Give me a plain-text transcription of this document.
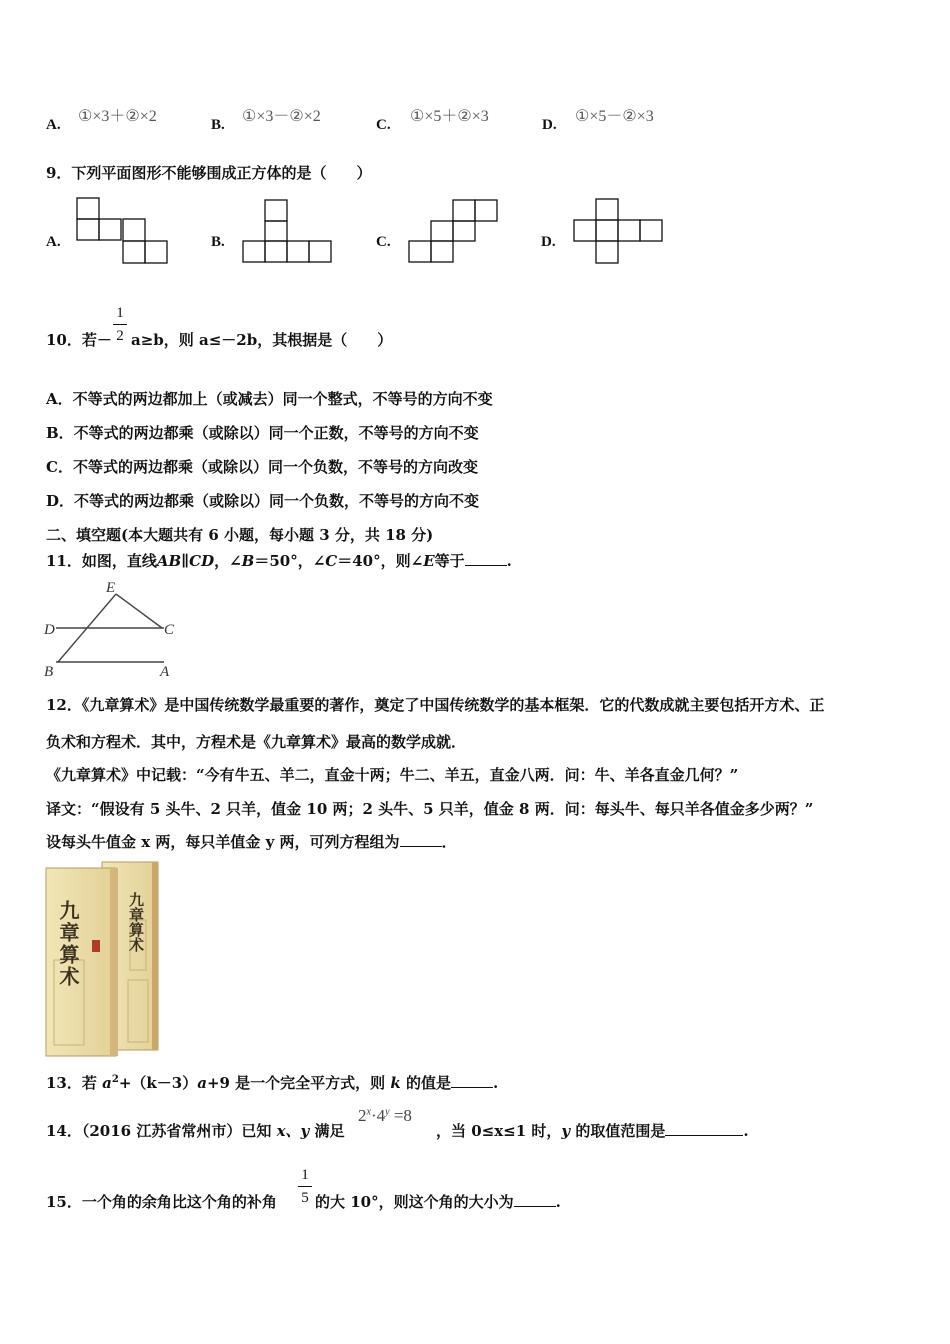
A. ①×3＋②×2	B. ①×3－②×2	C. ①×5＋②×3	D. ①×5－②×3
9．下列平面图形不能够围成正方体的是（　　）
A.	B.	C.	D.
10．若－
1
2 a≥b，则 a≤－2b，其根据是（　　）
A．不等式的两边都加上（或减去）同一个整式，不等号的方向不变
B．不等式的两边都乘（或除以）同一个正数，不等号的方向不变
C．不等式的两边都乘（或除以）同一个负数，不等号的方向改变
D．不等式的两边都乘（或除以）同一个负数，不等号的方向不变
二、填空题(本大题共有 6 小题，每小题 3 分，共 18 分)
11．如图，直线AB∥CD，∠B＝50°，∠C＝40°，则∠E等于	.
E
D	C
B	A
12．《九章算术》是中国传统数学最重要的著作，奠定了中国传统数学的基本框架．它的代数成就主要包括开方术、正
负术和方程术．其中，方程术是《九章算术》最高的数学成就．
《九章算术》中记载：“今有牛五、羊二，直金十两；牛二、羊五，直金八两．问：牛、羊各直金几何？”
译文：“假设有 5 头牛、2 只羊，值金 10 两；2 头牛、5 只羊，值金 8 两．问：每头牛、每只羊各值金多少两？”
设每头牛值金 x 两，每只羊值金 y 两，可列方程组为	．
九章算术	九章算术
13．若 $a^2+(k-3)a+9$ 是一个完全平方式，则 k 的值是	.
14．（2016 江苏省常州市）已知 x、y 满足
$2^x\cdot 4^y =8$
，当 0≤x≤1 时，y 的取值范围是	.
15．一个角的余角比这个角的补角
1
5 的大 10°，则这个角的大小为	.
